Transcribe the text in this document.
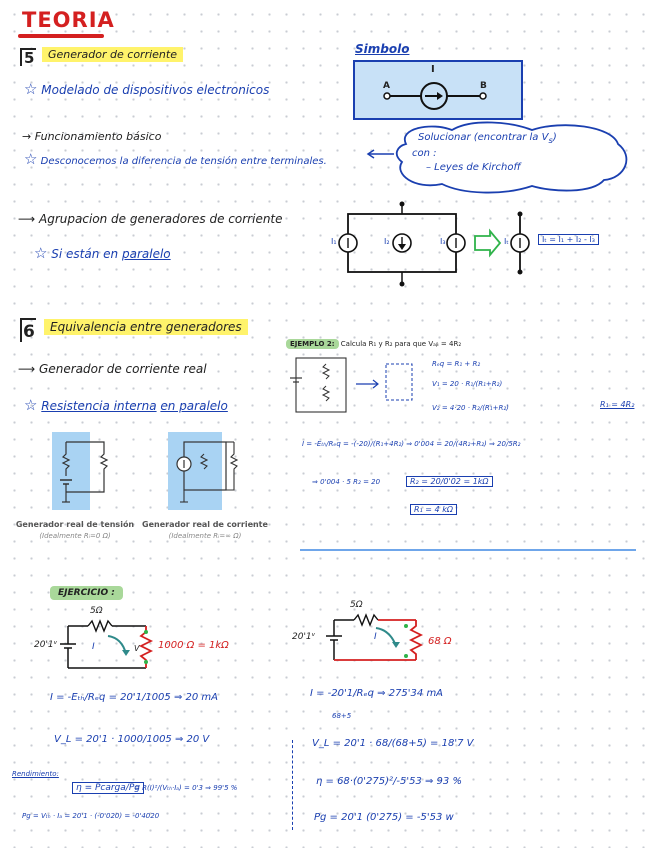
TEORIA
5	Generador de corriente
☆ Modelado de dispositivos electronicos
Simbolo
I
A	B
→ Funcionamiento básico
☆ Desconocemos la diferencia de tensión entre terminales.
Solucionar (encontrar la $V_s$)
con :
– Leyes de Kirchoff
⟶ Agrupacion de generadores de corriente
☆ Si están en paralelo
I₁	I₂	I₃	Iₜ	Iₜ = I₁ + I₂ - I₃
6	Equivalencia entre generadores
⟶ Generador de corriente real
☆ Resistencia interna en paralelo
Generador real de tensión
(Idealmente Rᵢ=0 Ω)
Generador real de corriente
(Idealmente Rᵢ=∞ Ω)
EJEMPLO 2: Calcula R₁ y R₂ para que Vₐᵦ = 4R₂
Rₑq = R₁ + R₂
V₁ = 20 · R₁/(R₁+R₂)
V₂ = 4·20 · R₂/(R₁+R₂)	R₁ = 4R₂
I = -Eₜₕ/Rₑq = -(-20)/(R₁+4R₂) ⇒ 0'004 = 20/(4R₂+R₂) ⇒ 20/5R₂
⇒ 0'004 · 5 R₂ = 20	R₂ = 20/0'02 = 1kΩ
R₁ = 4 kΩ
EJERCICIO :
5Ω
20'1ᵛ	I	V 1000 Ω = 1kΩ
I = -Eₜₕ/Rₑq = 20'1/1005 ⇒ 20 mA
V_L = 20'1 · 1000/1005 ⇒ 20 V
Rendimiento:
η = Pcarga/Pg
= R(I)²/(Vₜₕ·Iₐ) = 0'3 ⇒ 99'5 %
Pg = Vₜₕ · Iₐ = 20'1 · (-0'020) = -0'4020
5Ω
20'1ᵛ	I	68 Ω
I = -20'1/Rₑq ⇒ 275'34 mA
68+5
V_L = 20'1 · 68/(68+5) = 18'7 V
η = 68·(0'275)²/-5'53 ⇒ 93 %
Pg = 20'1 (0'275) = -5'53 w
